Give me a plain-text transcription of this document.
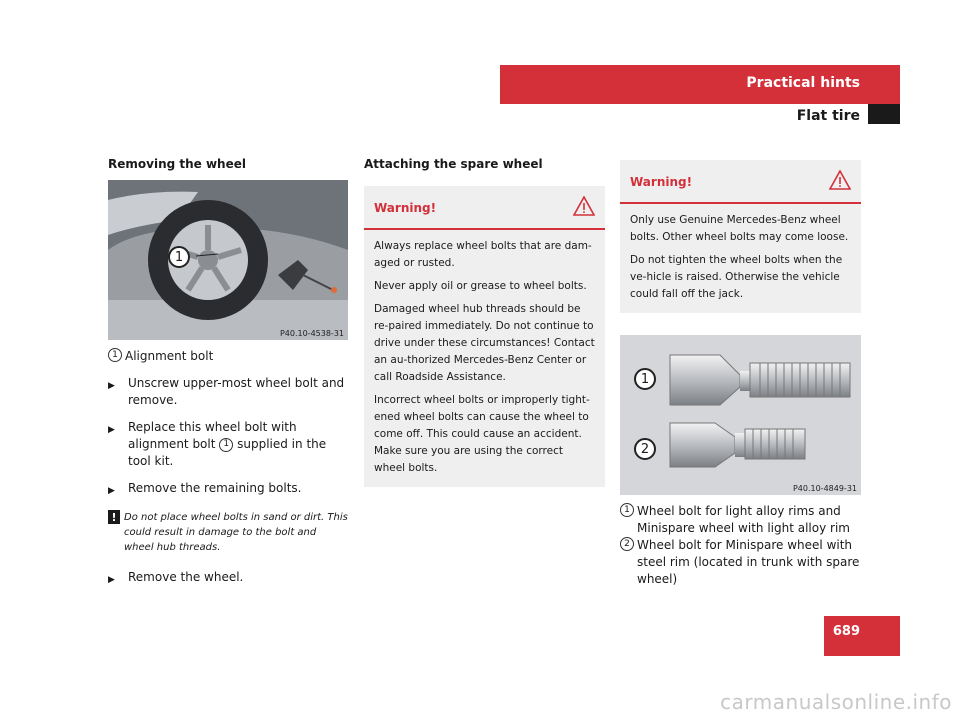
Practical hints
Flat tire
Removing the wheel
1
P40.10-4538-31
1 Alignment bolt
▶	Unscrew upper-most wheel bolt and remove.
▶	Replace this wheel bolt with alignment bolt 1 supplied in the tool kit.
▶	Remove the remaining bolts.
! Do not place wheel bolts in sand or dirt. This could result in damage to the bolt and wheel hub threads.
▶	Remove the wheel.
Attaching the spare wheel
Warning!

Always replace wheel bolts that are dam-aged or rusted.

Never apply oil or grease to wheel bolts.

Damaged wheel hub threads should be re-paired immediately. Do not continue to drive under these circumstances! Contact an au-thorized Mercedes-Benz Center or call Roadside Assistance.

Incorrect wheel bolts or improperly tight-ened wheel bolts can cause the wheel to come off. This could cause an accident. Make sure you are using the correct wheel bolts.

Warning!

Only use Genuine Mercedes-Benz wheel bolts. Other wheel bolts may come loose.

Do not tighten the wheel bolts when the ve-hicle is raised. Otherwise the vehicle could fall off the jack.

1
2
P40.10-4849-31
1 Wheel bolt for light alloy rims and Minispare wheel with light alloy rim
2 Wheel bolt for Minispare wheel with steel rim (located in trunk with spare wheel)
689
carmanualsonline.info
